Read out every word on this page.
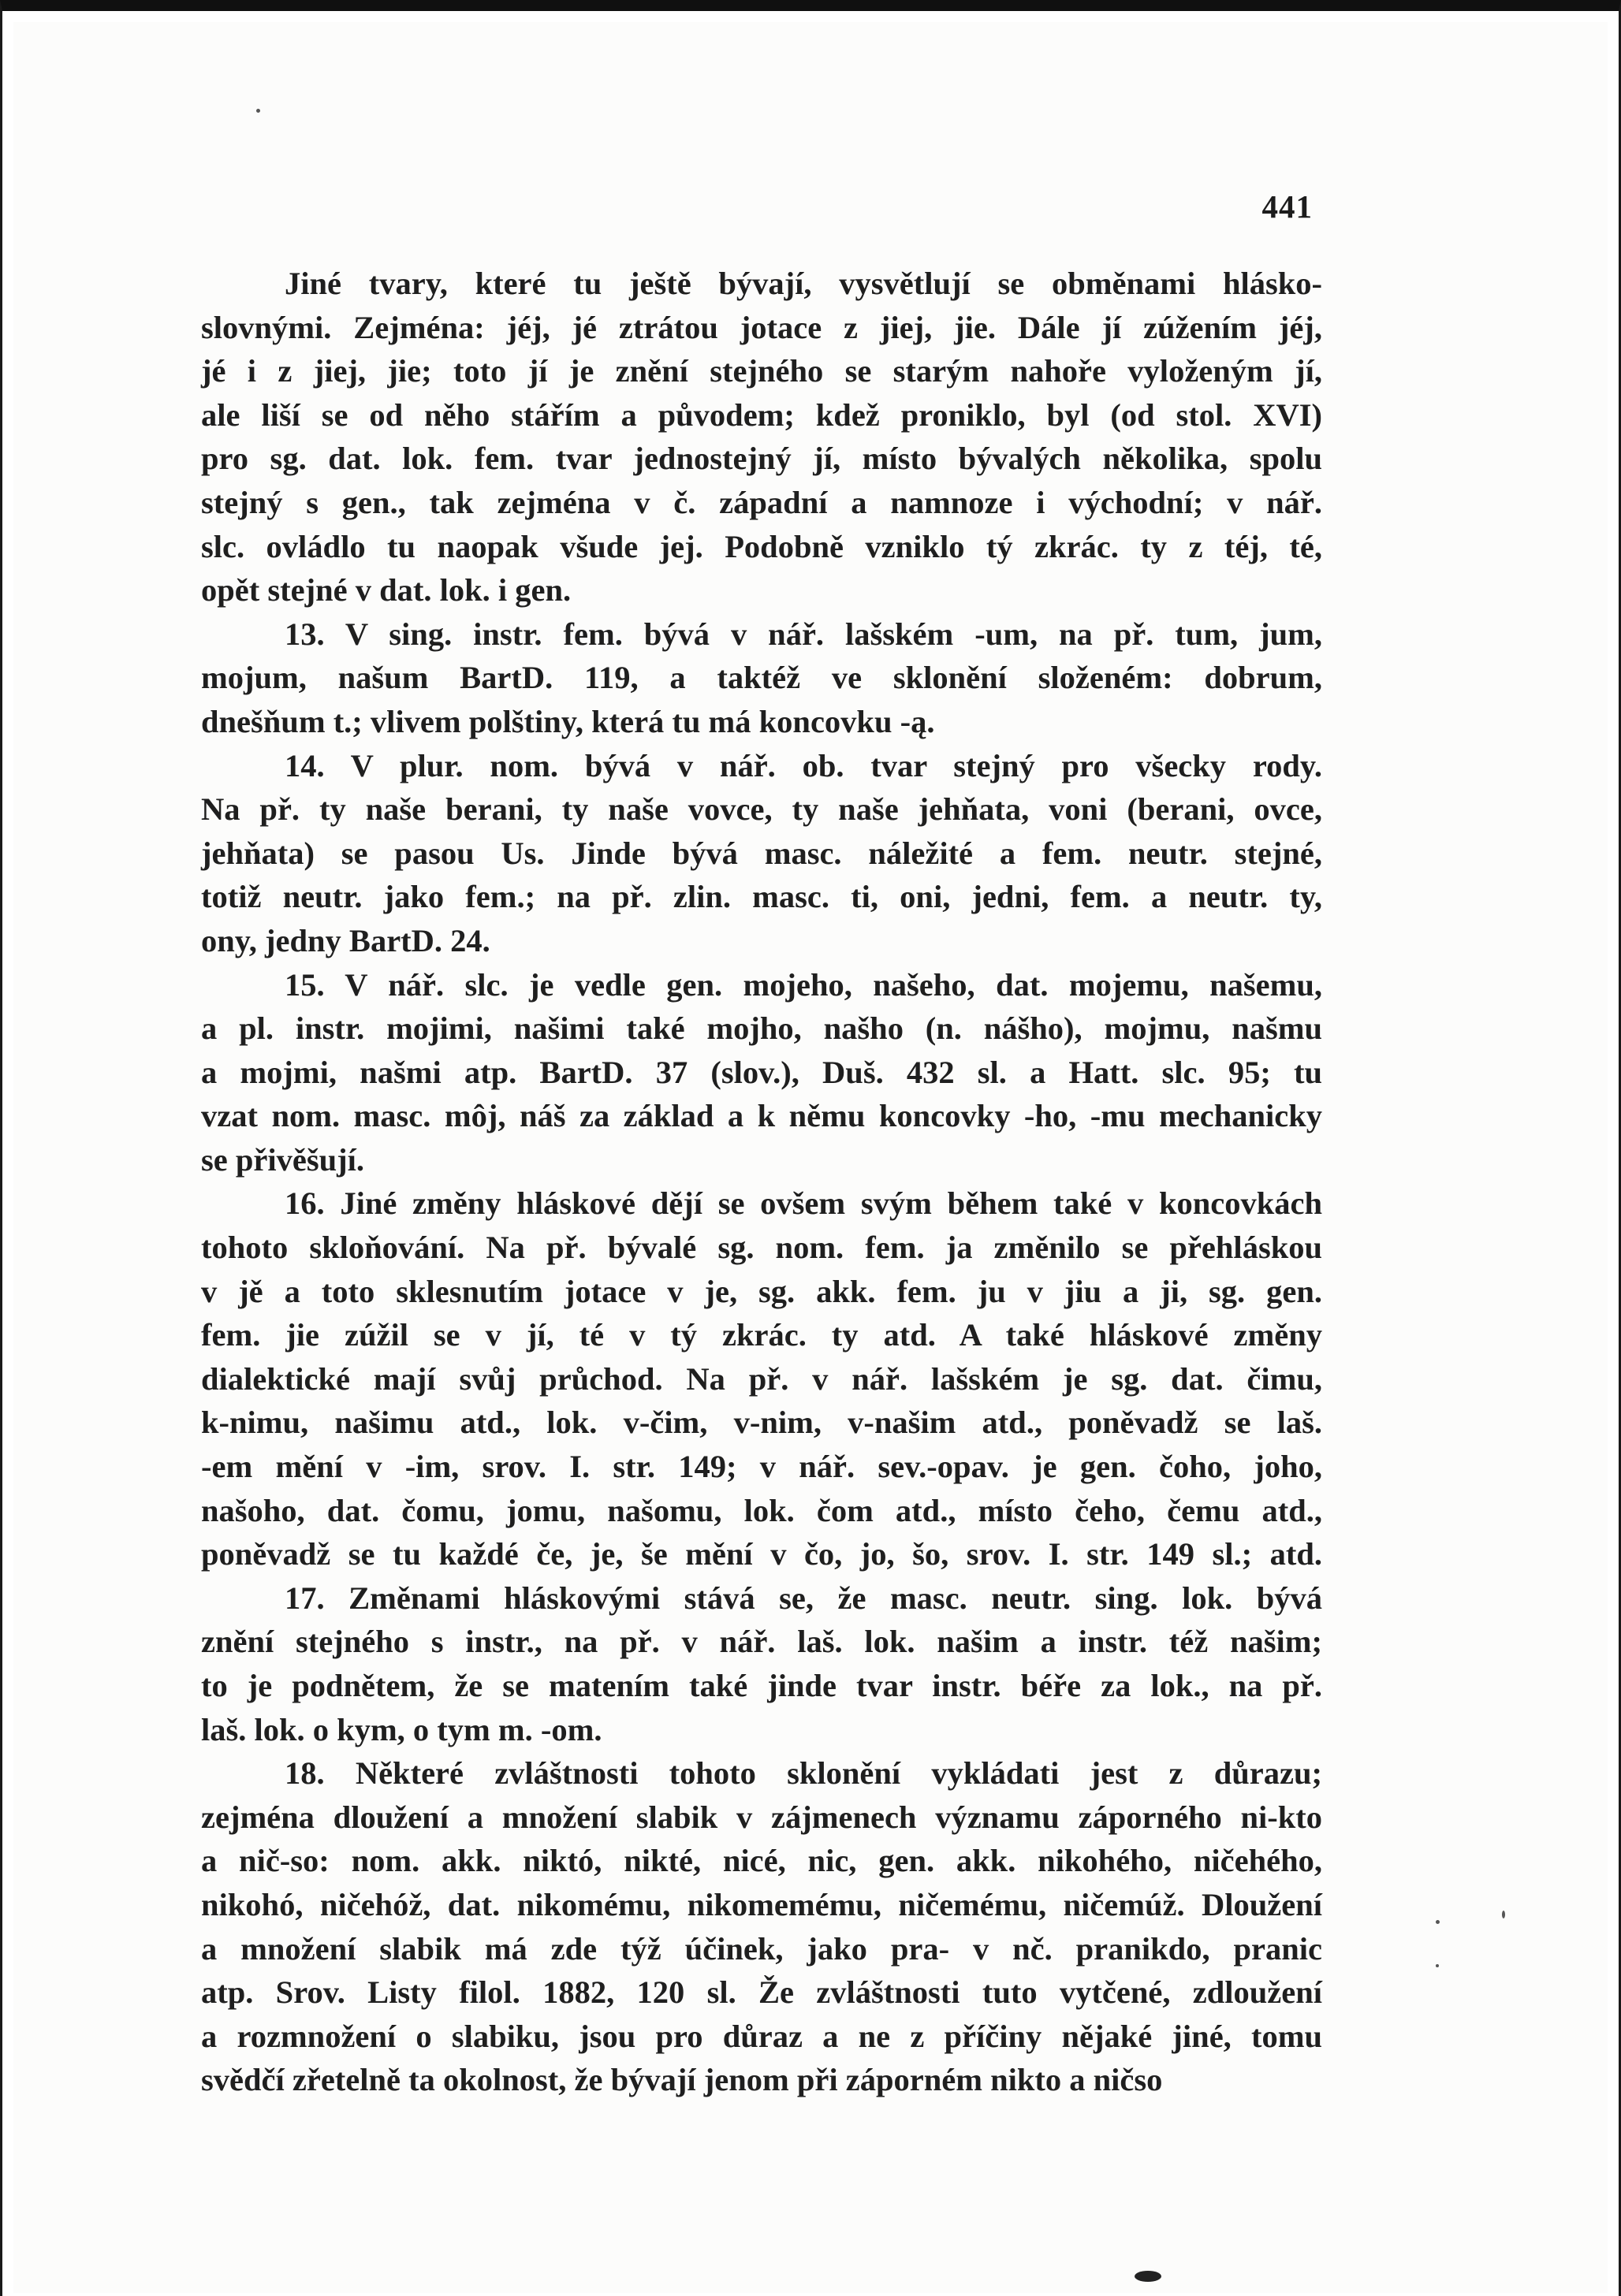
441
Jiné tvary, které tu ještě bývají, vysvětlují se obměnami hlásko-
slovnými. Zejména: jéj, jé ztrátou jotace z jiej, jie. Dále jí zúžením jéj,
jé i z jiej, jie; toto jí je znění stejného se starým nahoře vyloženým jí,
ale liší se od něho stářím a původem; kdež proniklo, byl (od stol. XVI)
pro sg. dat. lok. fem. tvar jednostejný jí, místo bývalých několika, spolu
stejný s gen., tak zejména v č. západní a namnoze i východní; v nář.
slc. ovládlo tu naopak všude jej. Podobně vzniklo tý zkrác. ty z téj, té,
opět stejné v dat. lok. i gen.
13. V sing. instr. fem. bývá v nář. lašském -um, na př. tum, jum,
mojum, našum BartD. 119, a taktéž ve sklonění složeném: dobrum,
dnešňum t.; vlivem polštiny, která tu má koncovku -ą.
14. V plur. nom. bývá v nář. ob. tvar stejný pro všecky rody.
Na př. ty naše berani, ty naše vovce, ty naše jehňata, voni (berani, ovce,
jehňata) se pasou Us. Jinde bývá masc. náležité a fem. neutr. stejné,
totiž neutr. jako fem.; na př. zlin. masc. ti, oni, jedni, fem. a neutr. ty,
ony, jedny BartD. 24.
15. V nář. slc. je vedle gen. mojeho, našeho, dat. mojemu, našemu,
a pl. instr. mojimi, našimi také mojho, našho (n. nášho), mojmu, našmu
a mojmi, našmi atp. BartD. 37 (slov.), Duš. 432 sl. a Hatt. slc. 95; tu
vzat nom. masc. môj, náš za základ a k němu koncovky -ho, -mu mechanicky
se přivěšují.
16. Jiné změny hláskové dějí se ovšem svým během také v koncovkách
tohoto skloňování. Na př. bývalé sg. nom. fem. ja změnilo se přehláskou
v jě a toto sklesnutím jotace v je, sg. akk. fem. ju v jiu a ji, sg. gen.
fem. jie zúžil se v jí, té v tý zkrác. ty atd. A také hláskové změny
dialektické mají svůj průchod. Na př. v nář. lašském je sg. dat. čimu,
k-nimu, našimu atd., lok. v-čim, v-nim, v-našim atd., poněvadž se laš.
-em mění v -im, srov. I. str. 149; v nář. sev.-opav. je gen. čoho, joho,
našoho, dat. čomu, jomu, našomu, lok. čom atd., místo čeho, čemu atd.,
poněvadž se tu každé če, je, še mění v čo, jo, šo, srov. I. str. 149 sl.; atd.
17. Změnami hláskovými stává se, že masc. neutr. sing. lok. bývá
znění stejného s instr., na př. v nář. laš. lok. našim a instr. též našim;
to je podnětem, že se matením také jinde tvar instr. béře za lok., na př.
laš. lok. o kym, o tym m. -om.
18. Některé zvláštnosti tohoto sklonění vykládati jest z důrazu;
zejména dloužení a množení slabik v zájmenech významu záporného ni-kto
a nič-so: nom. akk. niktó, nikté, nicé, nic, gen. akk. nikohého, ničehého,
nikohó, ničehóž, dat. nikomému, nikomemému, ničemému, ničemúž. Dloužení
a množení slabik má zde týž účinek, jako pra- v nč. pranikdo, pranic
atp. Srov. Listy filol. 1882, 120 sl. Že zvláštnosti tuto vytčené, zdloužení
a rozmnožení o slabiku, jsou pro důraz a ne z příčiny nějaké jiné, tomu
svědčí zřetelně ta okolnost, že bývají jenom při záporném nikto a ničso
